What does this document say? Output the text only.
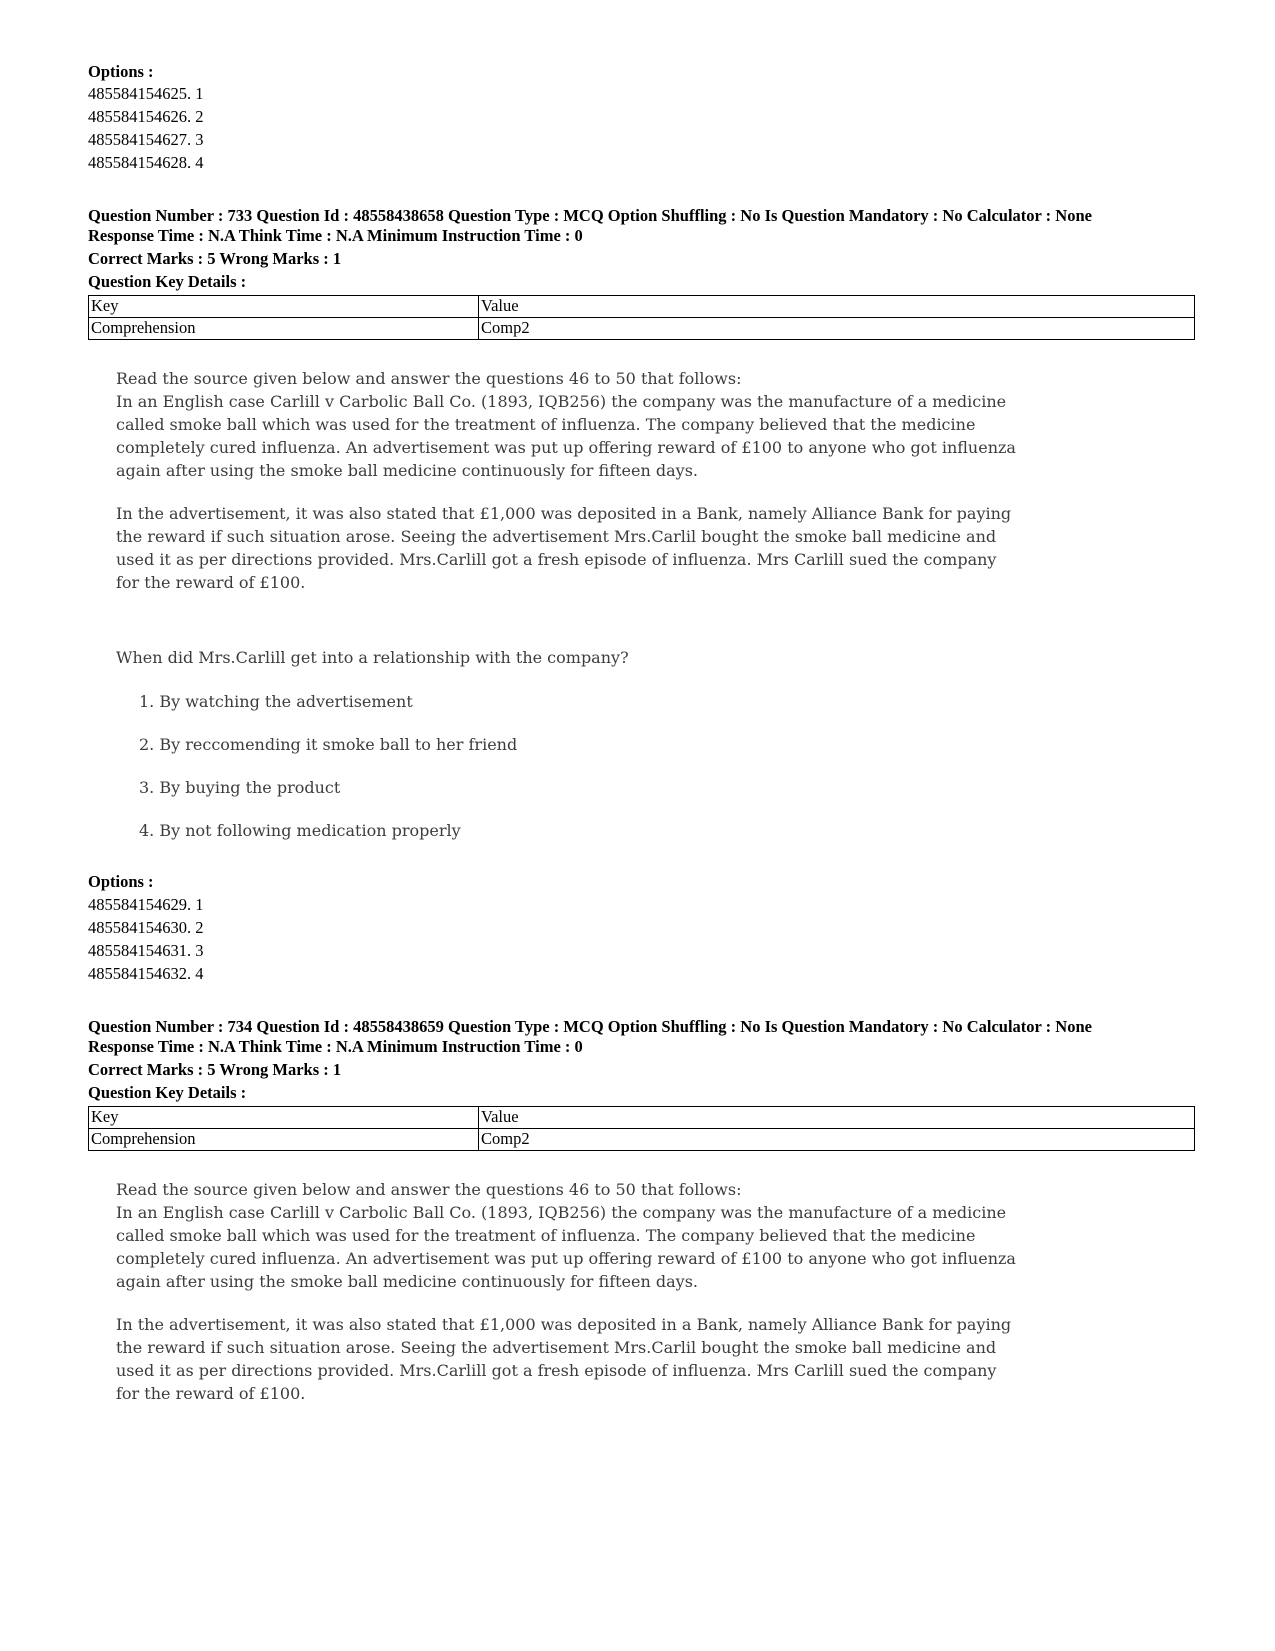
Options :
485584154625. 1
485584154626. 2
485584154627. 3
485584154628. 4
Question Number : 733 Question Id : 48558438658 Question Type : MCQ Option Shuffling : No Is Question Mandatory : No Calculator : None
Response Time : N.A Think Time : N.A Minimum Instruction Time : 0
Correct Marks : 5 Wrong Marks : 1
Question Key Details :
Key	Value
Comprehension	Comp2

Read the source given below and answer the questions 46 to 50 that follows:

In an English case Carlill v Carbolic Ball Co. (1893, IQB256) the company was the manufacture of a medicine called smoke ball which was used for the treatment of influenza. The company believed that the medicine completely cured influenza. An advertisement was put up offering reward of £100 to anyone who got influenza again after using the smoke ball medicine continuously for fifteen days.

In the advertisement, it was also stated that £1,000 was deposited in a Bank, namely Alliance Bank for paying the reward if such situation arose. Seeing the advertisement Mrs.Carlil bought the smoke ball medicine and used it as per directions provided. Mrs.Carlill got a fresh episode of influenza. Mrs Carlill sued the company for the reward of £100.

When did Mrs.Carlill get into a relationship with the company?
1. By watching the advertisement
2. By reccomending it smoke ball to her friend
3. By buying the product
4. By not following medication properly
Options :
485584154629. 1
485584154630. 2
485584154631. 3
485584154632. 4
Question Number : 734 Question Id : 48558438659 Question Type : MCQ Option Shuffling : No Is Question Mandatory : No Calculator : None
Response Time : N.A Think Time : N.A Minimum Instruction Time : 0
Correct Marks : 5 Wrong Marks : 1
Question Key Details :
Key	Value
Comprehension	Comp2

Read the source given below and answer the questions 46 to 50 that follows:

In an English case Carlill v Carbolic Ball Co. (1893, IQB256) the company was the manufacture of a medicine called smoke ball which was used for the treatment of influenza. The company believed that the medicine completely cured influenza. An advertisement was put up offering reward of £100 to anyone who got influenza again after using the smoke ball medicine continuously for fifteen days.

In the advertisement, it was also stated that £1,000 was deposited in a Bank, namely Alliance Bank for paying the reward if such situation arose. Seeing the advertisement Mrs.Carlil bought the smoke ball medicine and used it as per directions provided. Mrs.Carlill got a fresh episode of influenza. Mrs Carlill sued the company for the reward of £100.
